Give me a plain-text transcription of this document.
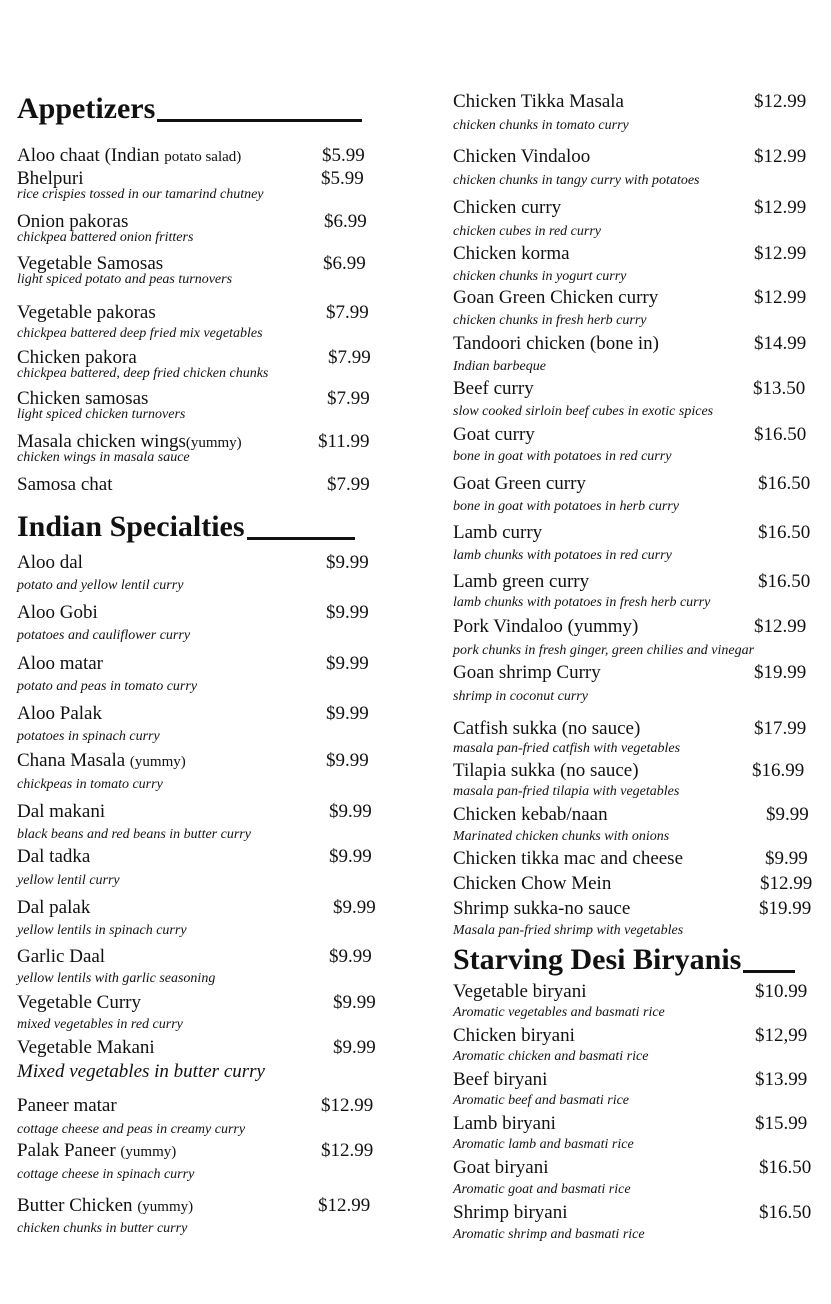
Appetizers
Indian Specialties
Aloo chaat (Indian potato salad)	$5.99
Bhelpuri	$5.99
rice crispies tossed in our tamarind chutney
Onion pakoras	$6.99
chickpea battered onion fritters
Vegetable Samosas	$6.99
light spiced potato and peas turnovers
Vegetable pakoras	$7.99
chickpea battered deep fried mix vegetables
Chicken pakora	$7.99
chickpea battered, deep fried chicken chunks
Chicken samosas	$7.99
light spiced chicken turnovers
Masala chicken wings(yummy)	$11.99
chicken wings in masala sauce
Samosa chat	$7.99
Aloo dal	$9.99
potato and yellow lentil curry
Aloo Gobi	$9.99
potatoes and cauliflower curry
Aloo matar	$9.99
potato and peas in tomato curry
Aloo Palak	$9.99
potatoes in spinach curry
Chana Masala (yummy)	$9.99
chickpeas in tomato curry
Dal makani	$9.99
black beans and red beans in butter curry
Dal tadka	$9.99
yellow lentil curry
Dal palak	$9.99
yellow lentils in spinach curry
Garlic Daal	$9.99
yellow lentils with garlic seasoning
Vegetable Curry	$9.99
mixed vegetables in red curry
Vegetable Makani	$9.99
Mixed vegetables in butter curry
Paneer matar	$12.99
cottage cheese and peas in creamy curry
Palak Paneer (yummy)	$12.99
cottage cheese in spinach curry
Butter Chicken (yummy)	$12.99
chicken chunks in butter curry
Starving Desi Biryanis
Chicken Tikka Masala	$12.99
chicken chunks in tomato curry
Chicken Vindaloo	$12.99
chicken chunks in tangy curry with potatoes
Chicken curry	$12.99
chicken cubes in red curry
Chicken korma	$12.99
chicken chunks in yogurt curry
Goan Green Chicken curry	$12.99
chicken chunks in fresh herb curry
Tandoori chicken (bone in)	$14.99
Indian barbeque
Beef curry	$13.50
slow cooked sirloin beef cubes in exotic spices
Goat curry	$16.50
bone in goat with potatoes in red curry
Goat Green curry	$16.50
bone in goat with potatoes in herb curry
Lamb curry	$16.50
lamb chunks with potatoes in red curry
Lamb green curry	$16.50
lamb chunks with potatoes in fresh herb curry
Pork Vindaloo (yummy)	$12.99
pork chunks in fresh ginger, green chilies and vinegar
Goan shrimp Curry	$19.99
shrimp in coconut curry
Catfish sukka (no sauce)	$17.99
masala pan-fried catfish with vegetables
Tilapia sukka (no sauce)	$16.99
masala pan-fried tilapia with vegetables
Chicken kebab/naan	$9.99
Marinated chicken chunks with onions
Chicken tikka mac and cheese	$9.99
Chicken Chow Mein	$12.99
Shrimp sukka-no sauce	$19.99
Masala pan-fried shrimp with vegetables
Vegetable biryani	$10.99
Aromatic vegetables and basmati rice
Chicken biryani	$12,99
Aromatic chicken and basmati rice
Beef biryani	$13.99
Aromatic beef and basmati rice
Lamb biryani	$15.99
Aromatic lamb and basmati rice
Goat biryani	$16.50
Aromatic goat and basmati rice
Shrimp biryani	$16.50
Aromatic shrimp and basmati rice
